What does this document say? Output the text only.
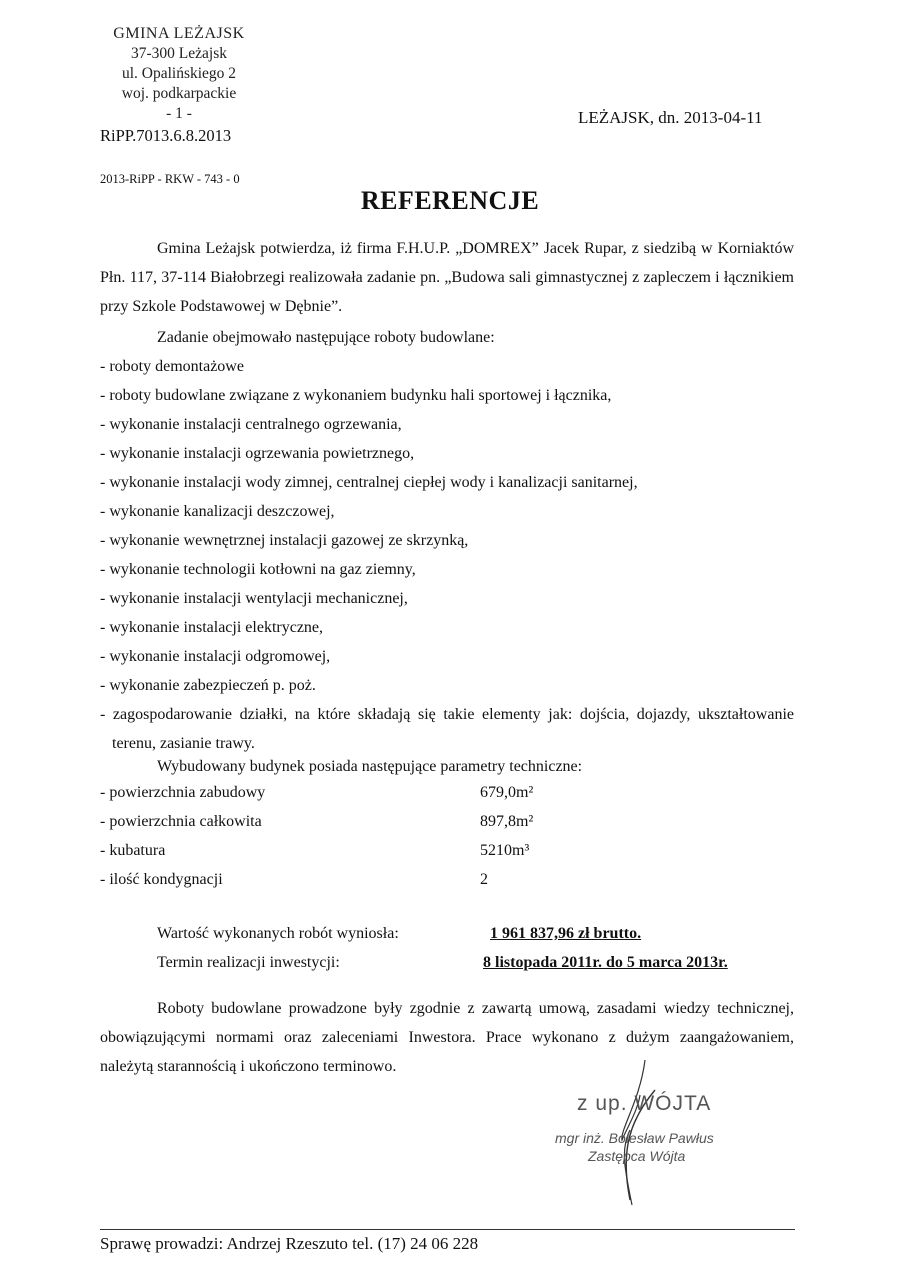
GMINA LEŻAJSK
37-300 Leżajsk
ul. Opalińskiego 2
woj. podkarpackie
- 1 -	LEŻAJSK, dn. 2013-04-11
RiPP.7013.6.8.2013
2013-RiPP - RKW - 743 - 0
REFERENCJE
Gmina Leżajsk potwierdza, iż firma F.H.U.P. „DOMREX” Jacek Rupar, z siedzibą w Korniaktów Płn. 117, 37-114 Białobrzegi realizowała zadanie pn. „Budowa sali gimnastycznej z zapleczem i łącznikiem przy Szkole Podstawowej w Dębnie”.
Zadanie obejmowało następujące roboty budowlane:
- roboty demontażowe
- roboty budowlane związane z wykonaniem budynku hali sportowej i łącznika,
- wykonanie instalacji centralnego ogrzewania,
- wykonanie instalacji ogrzewania powietrznego,
- wykonanie instalacji wody zimnej, centralnej ciepłej wody i kanalizacji sanitarnej,
- wykonanie kanalizacji deszczowej,
- wykonanie wewnętrznej instalacji gazowej ze skrzynką,
- wykonanie technologii kotłowni na gaz ziemny,
- wykonanie instalacji wentylacji mechanicznej,
- wykonanie instalacji elektryczne,
- wykonanie instalacji odgromowej,
- wykonanie zabezpieczeń p. poż.
- zagospodarowanie działki, na które składają się takie elementy jak: dojścia, dojazdy, ukształtowanie terenu, zasianie trawy.
Wybudowany budynek posiada następujące parametry techniczne:
- powierzchnia zabudowy	679,0m²
- powierzchnia całkowita	897,8m²
- kubatura	5210m³
- ilość kondygnacji	2
Wartość wykonanych robót wyniosła:	1 961 837,96 zł brutto.
Termin realizacji inwestycji:	8 listopada 2011r. do 5 marca 2013r.
Roboty budowlane prowadzone były zgodnie z zawartą umową, zasadami wiedzy technicznej, obowiązującymi normami oraz zaleceniami Inwestora. Prace wykonano z dużym zaangażowaniem, należytą starannością i ukończono terminowo.
z up. WÓJTA
mgr inż. Bolesław Pawłus
Zastępca Wójta
Sprawę prowadzi: Andrzej Rzeszuto tel. (17) 24 06 228
